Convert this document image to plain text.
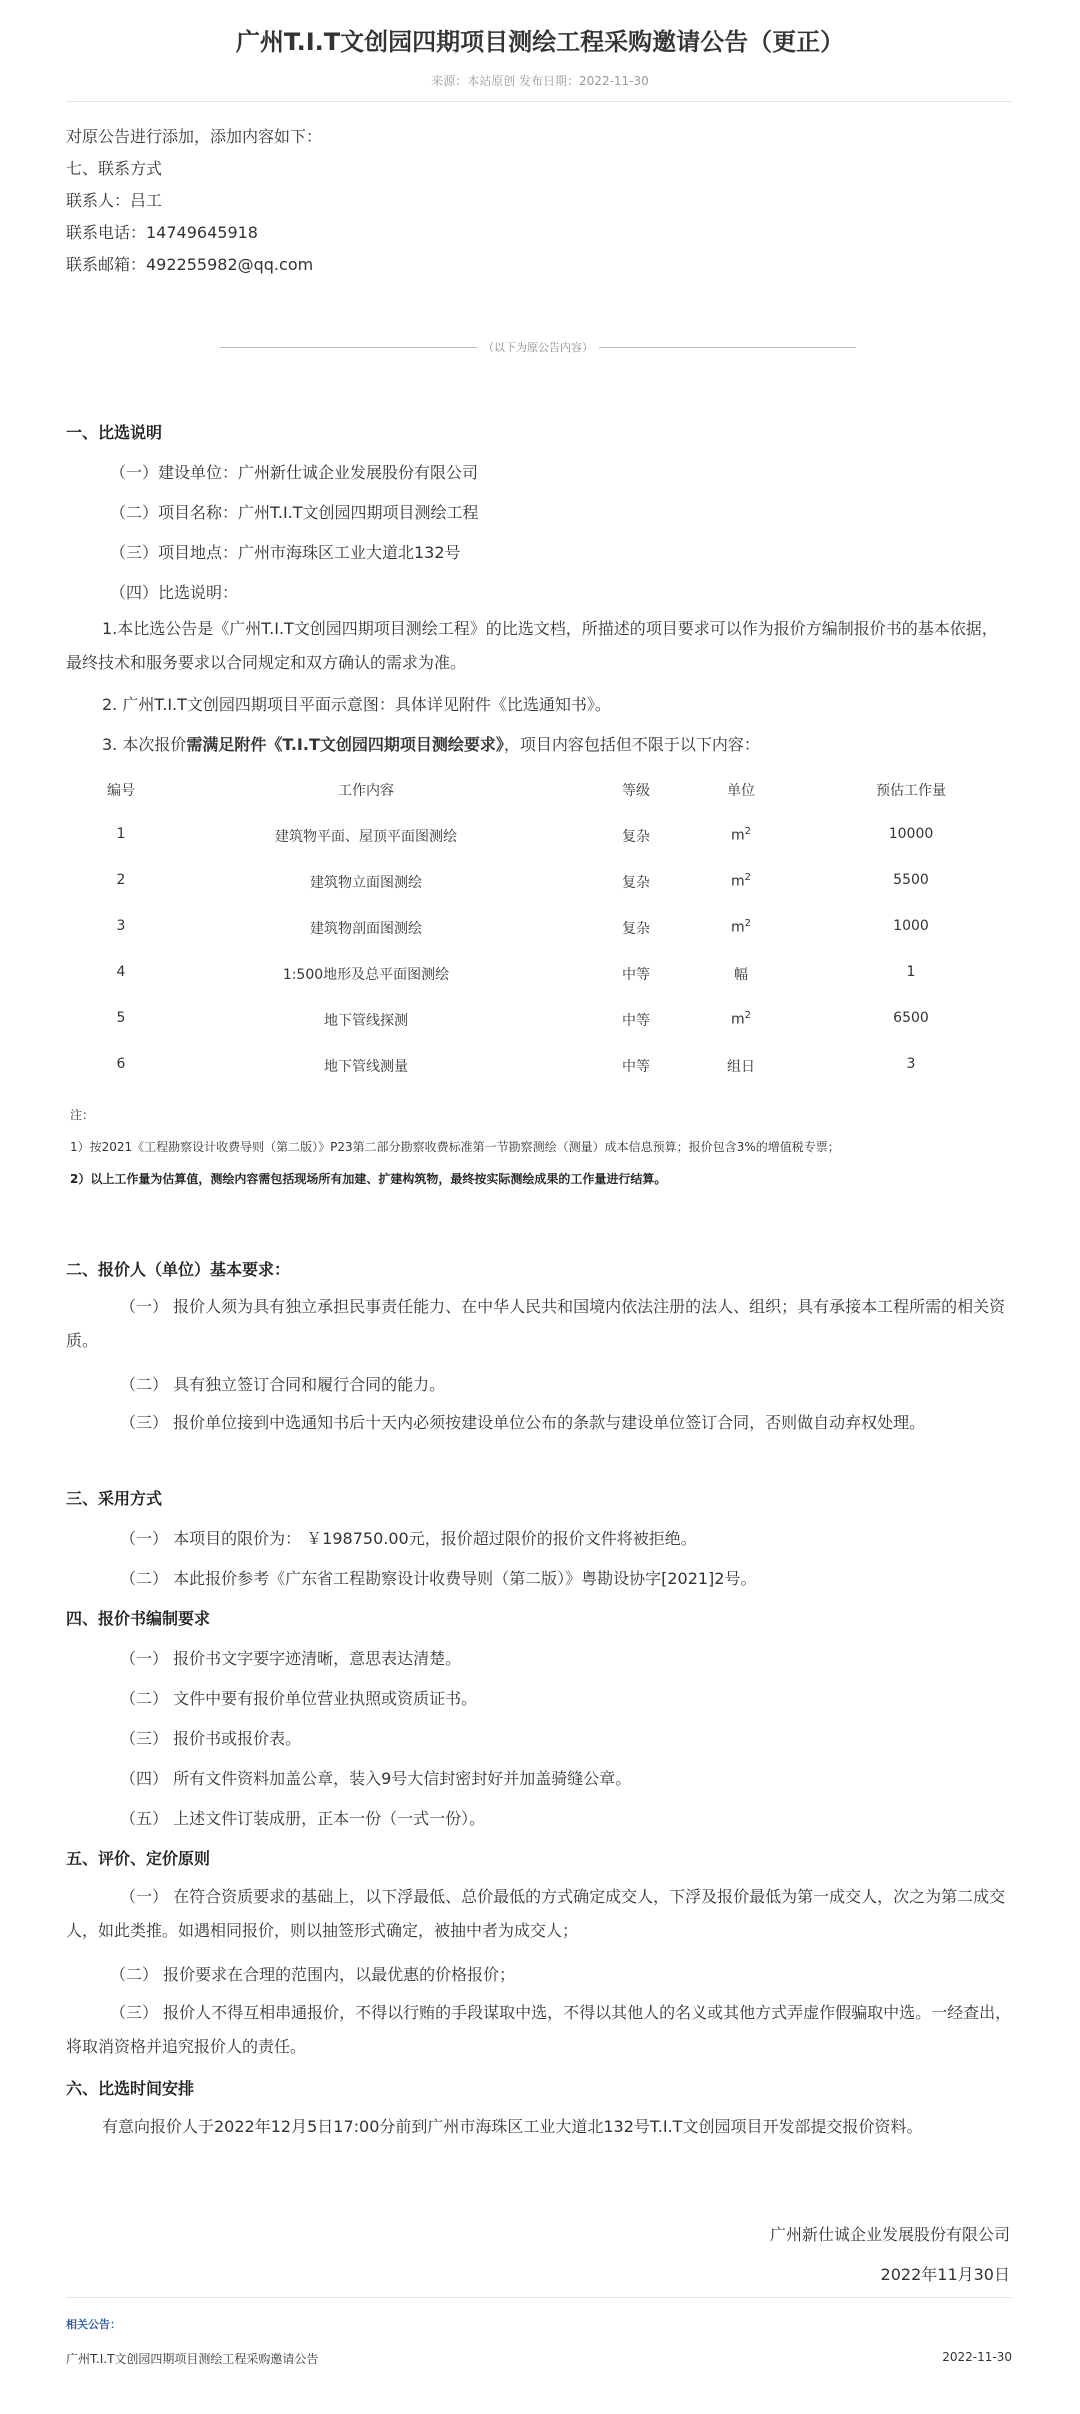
广州T.I.T文创园四期项目测绘工程采购邀请公告（更正）
来源：本站原创 发布日期：2022-11-30
对原公告进行添加，添加内容如下：
七、联系方式
联系人：吕工
联系电话：14749645918
联系邮箱：492255982@qq.com
（以下为原公告内容）
一、比选说明
（一）建设单位：广州新仕诚企业发展股份有限公司
（二）项目名称：广州T.I.T文创园四期项目测绘工程
（三）项目地点：广州市海珠区工业大道北132号
（四）比选说明：
1.本比选公告是《广州T.I.T文创园四期项目测绘工程》的比选文档，所描述的项目要求可以作为报价方编制报价书的基本依据，最终技术和服务要求以合同规定和双方确认的需求为准。
2. 广州T.I.T文创园四期项目平面示意图：具体详见附件《比选通知书》。
3. 本次报价需满足附件《T.I.T文创园四期项目测绘要求》，项目内容包括但不限于以下内容：
编号	工作内容	等级	单位	预估工作量
1	建筑物平面、屋顶平面图测绘	复杂	$m^2$	10000
2	建筑物立面图测绘	复杂	$m^2$	5500
3	建筑物剖面图测绘	复杂	$m^2$	1000
4	1:500地形及总平面图测绘	中等	幅	1
5	地下管线探测	中等	$m^2$	6500
6	地下管线测量	中等	组日	3
注：
1）按2021《工程勘察设计收费导则（第二版）》P23第二部分勘察收费标准第一节勘察测绘（测量）成本信息预算；报价包含3%的增值税专票；
2）以上工作量为估算值，测绘内容需包括现场所有加建、扩建构筑物，最终按实际测绘成果的工作量进行结算。
二、报价人（单位）基本要求：
（一） 报价人须为具有独立承担民事责任能力、在中华人民共和国境内依法注册的法人、组织；具有承接本工程所需的相关资质。
（二） 具有独立签订合同和履行合同的能力。
（三） 报价单位接到中选通知书后十天内必须按建设单位公布的条款与建设单位签订合同，否则做自动弃权处理。
三、采用方式
（一） 本项目的限价为： ￥198750.00元，报价超过限价的报价文件将被拒绝。
（二） 本此报价参考《广东省工程勘察设计收费导则（第二版）》粤勘设协字[2021]2号。
四、报价书编制要求
（一） 报价书文字要字迹清晰，意思表达清楚。
（二） 文件中要有报价单位营业执照或资质证书。
（三） 报价书或报价表。
（四） 所有文件资料加盖公章，装入9号大信封密封好并加盖骑缝公章。
（五） 上述文件订装成册，正本一份（一式一份）。
五、评价、定价原则
（一） 在符合资质要求的基础上，以下浮最低、总价最低的方式确定成交人，下浮及报价最低为第一成交人，次之为第二成交人，如此类推。如遇相同报价，则以抽签形式确定，被抽中者为成交人；
（二） 报价要求在合理的范围内，以最优惠的价格报价；
（三） 报价人不得互相串通报价，不得以行贿的手段谋取中选，不得以其他人的名义或其他方式弄虚作假骗取中选。一经查出，将取消资格并追究报价人的责任。
六、比选时间安排
有意向报价人于2022年12月5日17:00分前到广州市海珠区工业大道北132号T.I.T文创园项目开发部提交报价资料。
广州新仕诚企业发展股份有限公司
2022年11月30日
相关公告：
广州T.I.T文创园四期项目测绘工程采购邀请公告	2022-11-30
